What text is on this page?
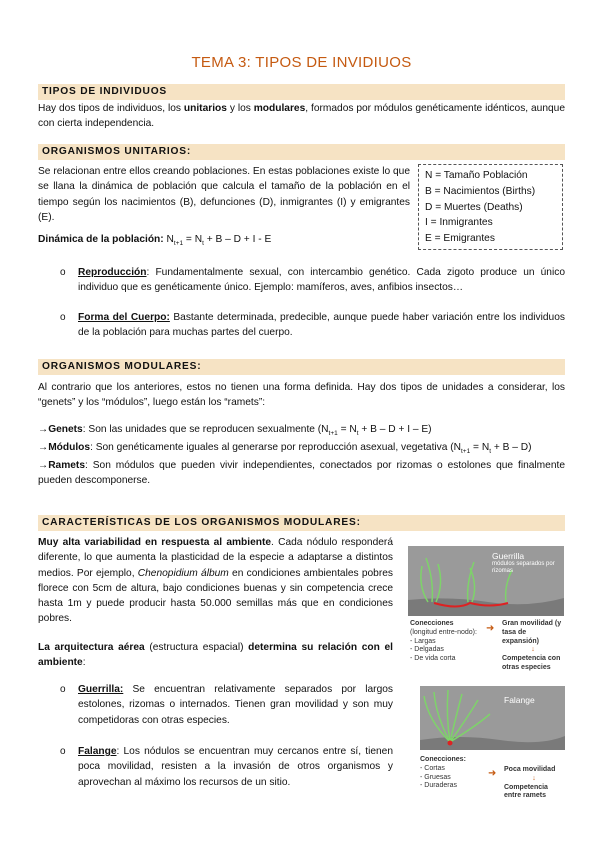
TEMA 3: TIPOS DE INVIDIUOS
TIPOS DE INDIVIDUOS
Hay dos tipos de individuos, los unitarios y los modulares, formados por módulos genéticamente idénticos, aunque con cierta independencia.
ORGANISMOS UNITARIOS:
Se relacionan entre ellos creando poblaciones. En estas poblaciones existe lo que se llana la dinámica de población que calcula el tamaño de la población en el tiempo según los nacimientos (B), defunciones (D), inmigrantes (I) y emigrantes (E).
Dinámica de la población: $N_{t+1} = N_t + B - D + I - E$
N = Tamaño Población
B = Nacimientos (Births)
D = Muertes (Deaths)
I = Inmigrantes
E = Emigrantes
o Reproducción: Fundamentalmente sexual, con intercambio genético. Cada zigoto produce un único individuo que es genéticamente único. Ejemplo: mamíferos, aves, anfibios insectos…
o Forma del Cuerpo: Bastante determinada, predecible, aunque puede haber variación entre los individuos de la población para muchas partes del cuerpo.
ORGANISMOS MODULARES:
Al contrario que los anteriores, estos no tienen una forma definida. Hay dos tipos de unidades a considerar, los “genets” y los “módulos”, luego están los “ramets”:
→Genets: Son las unidades que se reproducen sexualmente $(N_{t+1} = N_t + B - D + I - E)$
→Módulos: Son genéticamente iguales al generarse por reproducción asexual, vegetativa $(N_{t+1} = N_t + B - D)$
→Ramets: Son módulos que pueden vivir independientes, conectados por rizomas o estolones que finalmente pueden descomponerse.
CARACTERÍSTICAS DE LOS ORGANISMOS MODULARES:
Muy alta variabilidad en respuesta al ambiente. Cada nódulo responderá diferente, lo que aumenta la plasticidad de la especie a adaptarse a distintos medios. Por ejemplo, Chenopidium álbum en condiciones ambientales pobres florece con 5cm de altura, bajo condiciones buenas y sin competencia crece hasta 1m y puede producir hasta 50.000 semillas más que en condiciones pobres.
La arquitectura aérea (estructura espacial) determina su relación con el ambiente:
o Guerrilla: Se encuentran relativamente separados por largos estolones, rizomas o internados. Tienen gran movilidad y son muy competidoras con otras especies.
o Falange: Los nódulos se encuentran muy cercanos entre sí, tienen poca movilidad, resisten a la invasión de otros organismos y aprovechan al máximo los recursos de un sitio.
Guerrilla
módulos separados por rizomas
Conecciones
(longitud entre-nodo):
- Largas
- Delgadas
- De vida corta
➜ Gran movilidad (y tasa de expansión)
↓
Competencia con otras especies
Falange
Conecciones:
- Cortas
- Gruesas
- Duraderas
➜ Poca movilidad
↓
Competencia entre ramets
